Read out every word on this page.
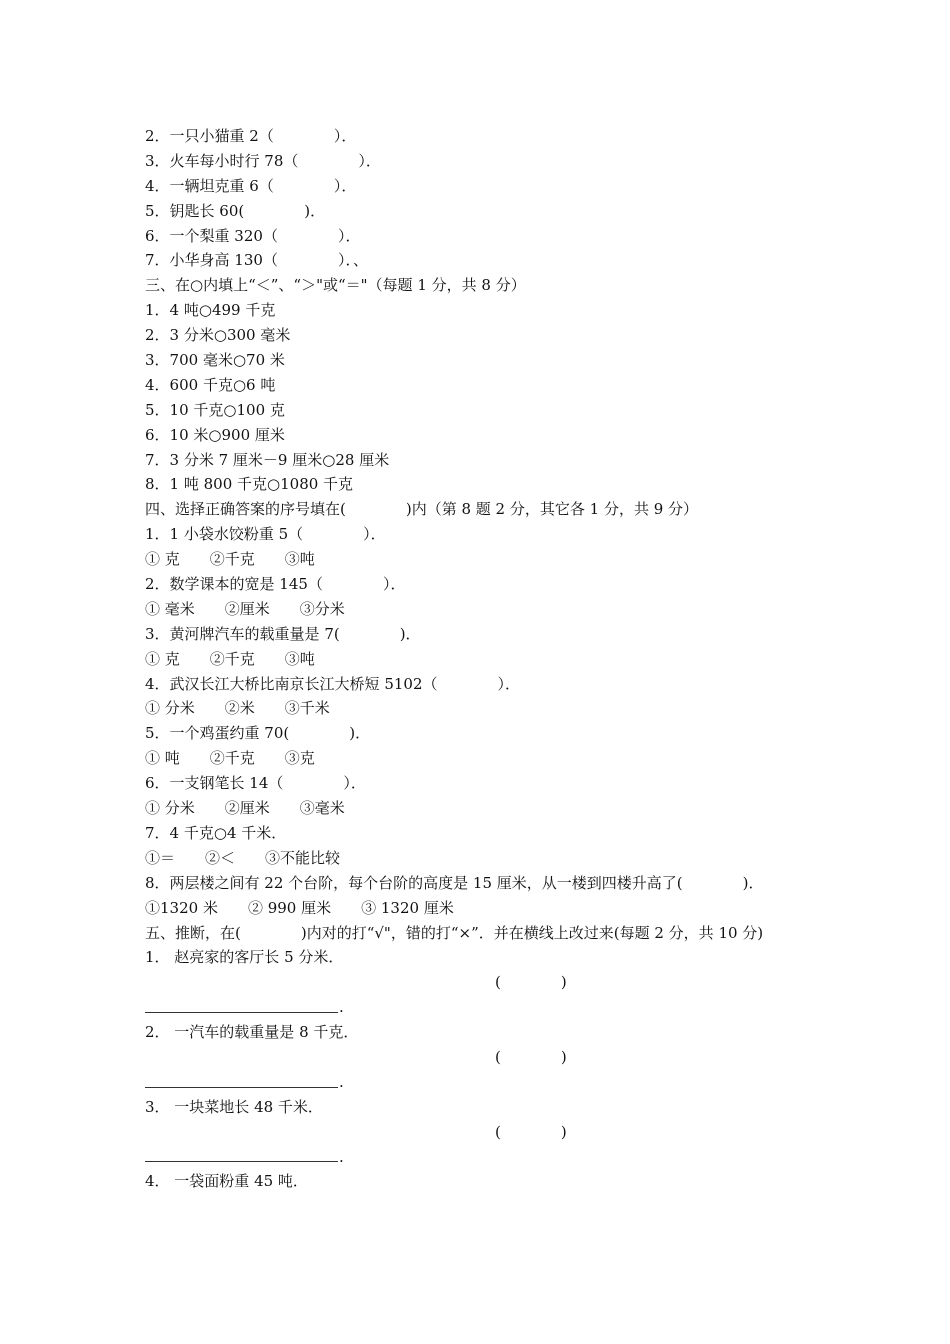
2．一只小猫重 2（　　　　）．
3．火车每小时行 78（　　　　）．
4．一辆坦克重 6（　　　　）．
5．钥匙长 60(　　　　)．
6．一个梨重 320（　　　　）．
7．小华身高 130（　　　　）．、
三、在○内填上“＜”、“＞"或“＝"（每题 1 分，共 8 分）
1．4 吨○499 千克
2．3 分米○300 毫米
3．700 毫米○70 米
4．600 千克○6 吨
5．10 千克○100 克
6．10 米○900 厘米
7．3 分米 7 厘米－9 厘米○28 厘米
8．1 吨 800 千克○1080 千克
四、选择正确答案的序号填在(　　　　)内（第 8 题 2 分，其它各 1 分，共 9 分）
1．1 小袋水饺粉重 5（　　　　）．
① 克　　②千克　　③吨
2．数学课本的宽是 145（　　　　）．
① 毫米　　②厘米　　③分米
3．黄河牌汽车的载重量是 7(　　　　)．
① 克　　②千克　　③吨
4．武汉长江大桥比南京长江大桥短 5102（　　　　）．
① 分米　　②米　　③千米
5．一个鸡蛋约重 70(　　　　)．
① 吨　　②千克　　③克
6．一支钢笔长 14（　　　　）．
① 分米　　②厘米　　③毫米
7．4 千克○4 千米．
①＝　　②＜　　③不能比较
8．两层楼之间有 22 个台阶，每个台阶的高度是 15 厘米，从一楼到四楼升高了(　　　　)．
①1320 米　　② 990 厘米　　③ 1320 厘米
五、推断，在(　　　　)内对的打“√"，错的打“×”．并在横线上改过来(每题 2 分，共 10 分)
1． 赵亮家的客厅长 5 分米．
(　　　　)
.
2． 一汽车的载重量是 8 千克．
(　　　　)
.
3． 一块菜地长 48 千米．
(　　　　)
.
4． 一袋面粉重 45 吨．
